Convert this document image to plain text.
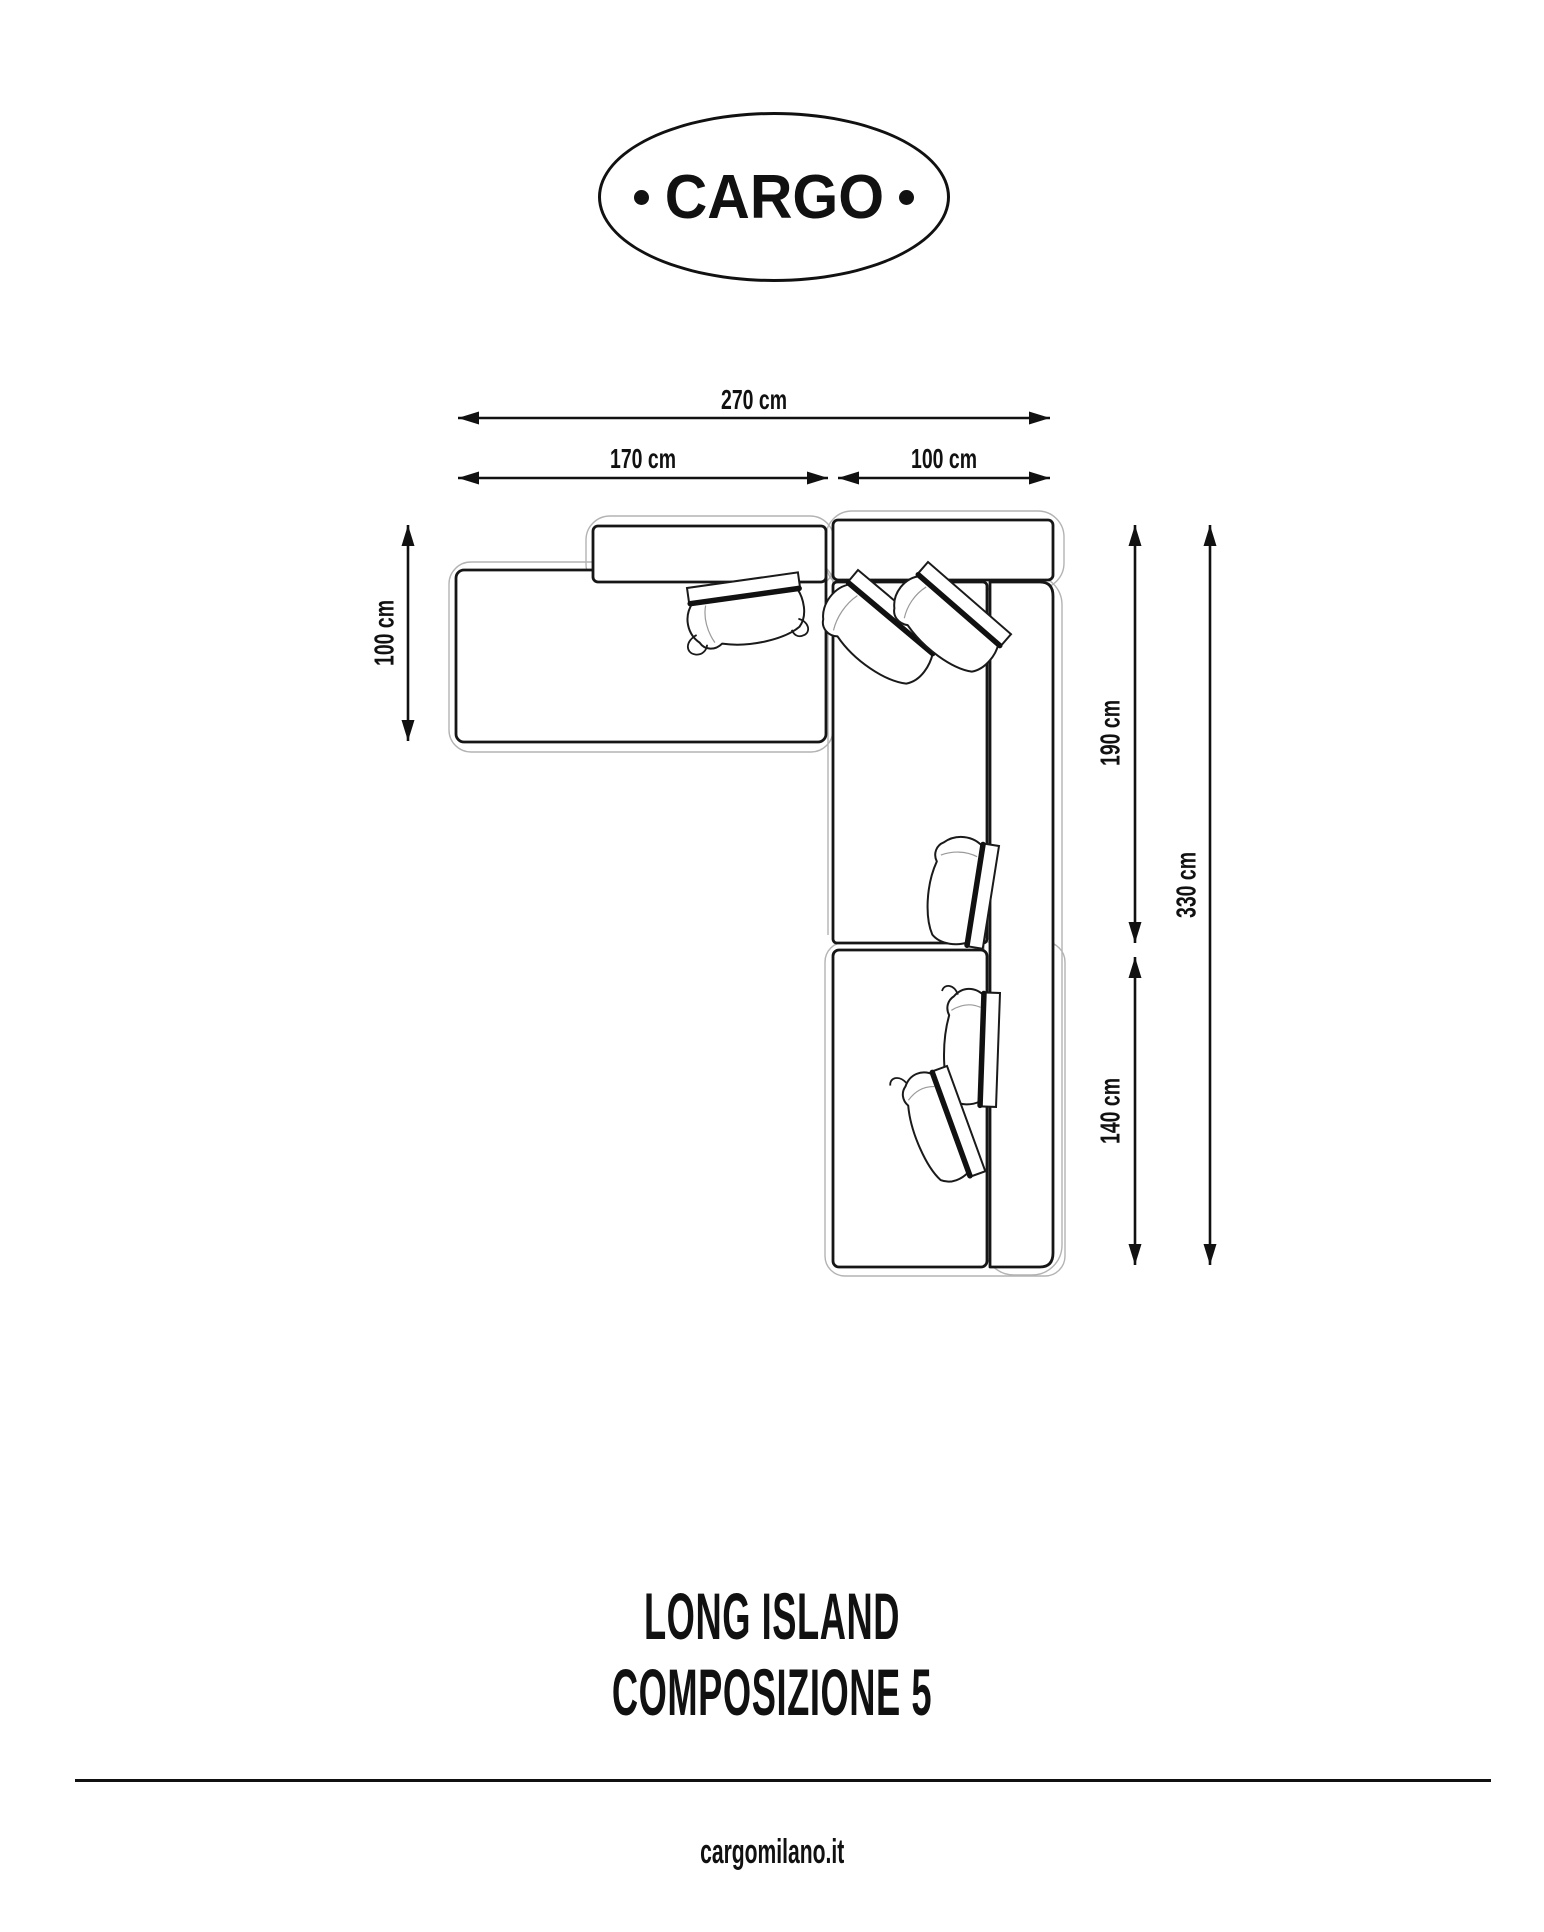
CARGO
270 cm
170 cm	100 cm
100 cm
190 cm
140 cm
330 cm
LONG ISLAND
COMPOSIZIONE 5
cargomilano.it
